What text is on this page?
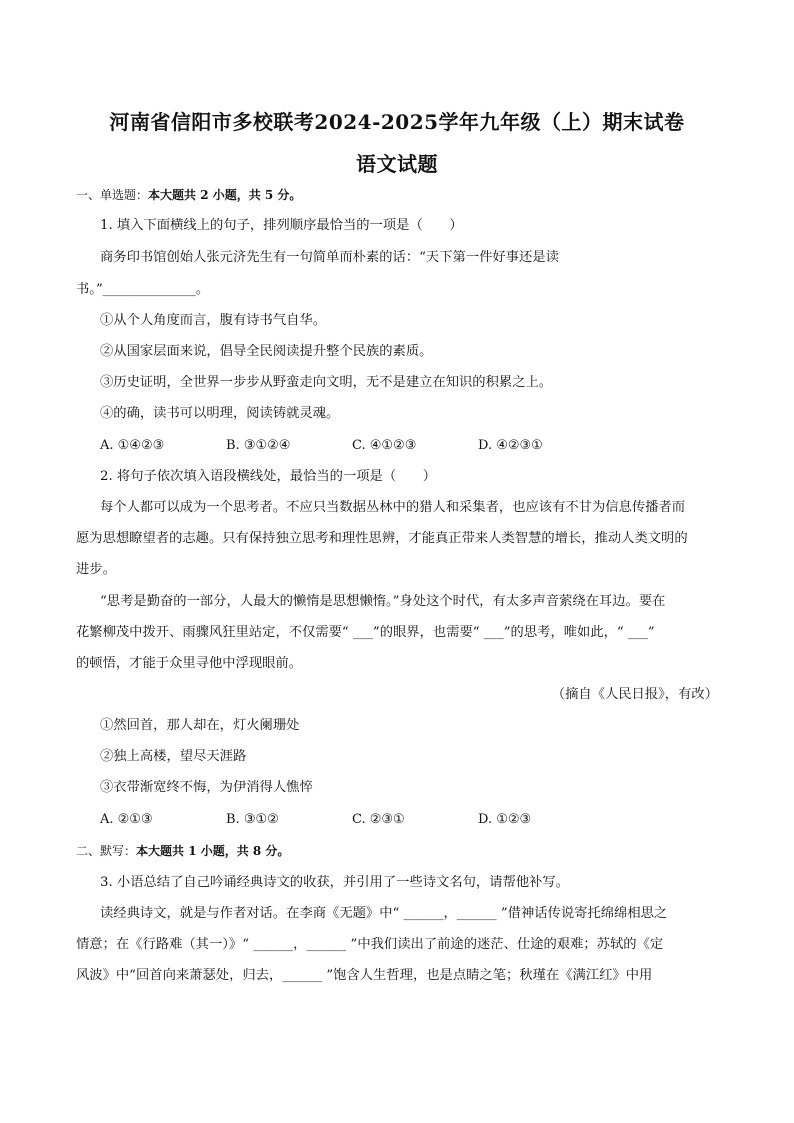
河南省信阳市多校联考2024-2025学年九年级（上）期末试卷
语文试题
一、单选题：本大题共 2 小题，共 5 分。
1. 填入下面横线上的句子，排列顺序最恰当的一项是（　　）
商务印书馆创始人张元济先生有一句简单而朴素的话：“天下第一件好事还是读
书。”______________。
①从个人角度而言，腹有诗书气自华。
②从国家层面来说，倡导全民阅读提升整个民族的素质。
③历史证明，全世界一步步从野蛮走向文明，无不是建立在知识的积累之上。
④的确，读书可以明理，阅读铸就灵魂。
A. ①④②③	B. ③①②④	C. ④①②③	D. ④②③①
2. 将句子依次填入语段横线处，最恰当的一项是（　　）
每个人都可以成为一个思考者。不应只当数据丛林中的猎人和采集者，也应该有不甘为信息传播者而
愿为思想瞭望者的志趣。只有保持独立思考和理性思辨，才能真正带来人类智慧的增长，推动人类文明的
进步。
“思考是勤奋的一部分，人最大的懒惰是思想懒惰。”身处这个时代，有太多声音萦绕在耳边。要在
花繁柳茂中拨开、雨骤风狂里站定，不仅需要“ ___”的眼界，也需要“ ___”的思考，唯如此，“ ___”
的顿悟，才能于众里寻他中浮现眼前。
（摘自《人民日报》，有改）
①然回首，那人却在，灯火阑珊处
②独上高楼，望尽天涯路
③衣带渐宽终不悔，为伊消得人憔悴
A. ②①③	B. ③①②	C. ②③①	D. ①②③
二、默写：本大题共 1 小题，共 8 分。
3. 小语总结了自己吟诵经典诗文的收获，并引用了一些诗文名句，请帮他补写。
读经典诗文，就是与作者对话。在李商《无题》中“ ______，______ ”借神话传说寄托绵绵相思之
情意；在《行路难（其一）》“ ______，______ ”中我们读出了前途的迷茫、仕途的艰难；苏轼的《定
风波》中“回首向来萧瑟处，归去，______ ”饱含人生哲理，也是点睛之笔；秋瑾在《满江红》中用
